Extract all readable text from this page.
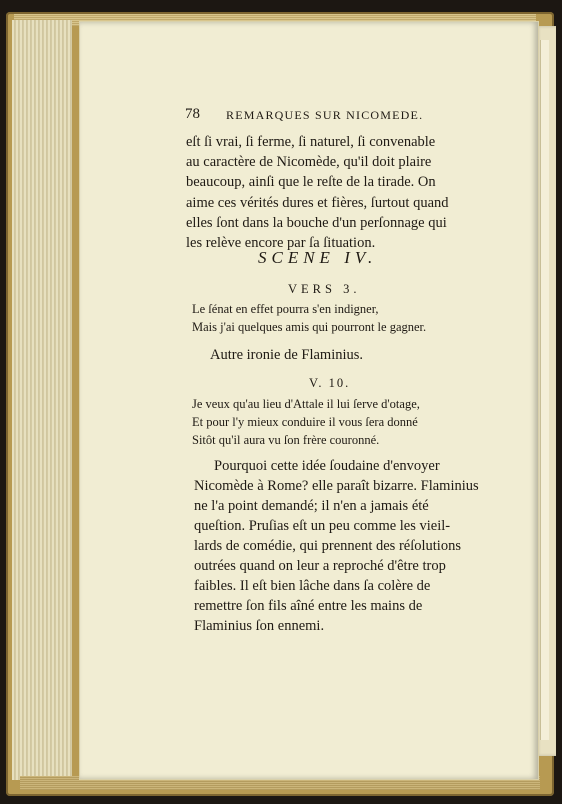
78 REMARQUES SUR NICOMEDE.
eſt ſi vrai, ſi ferme, ſi naturel, ſi convenable
au caractère de Nicomède, qu'il doit plaire
beaucoup, ainſi que le reſte de la tirade. On
aime ces vérités dures et fières, ſurtout quand
elles ſont dans la bouche d'un perſonnage qui
les relève encore par ſa ſituation.
SCENE IV.
VERS 3.
Le ſénat en effet pourra s'en indigner,
Mais j'ai quelques amis qui pourront le gagner.
Autre ironie de Flaminius.
V. 10.
Je veux qu'au lieu d'Attale il lui ſerve d'otage,
Et pour l'y mieux conduire il vous ſera donné
Sitôt qu'il aura vu ſon frère couronné.
Pourquoi cette idée ſoudaine d'envoyer
Nicomède à Rome? elle paraît bizarre. Flaminius
ne l'a point demandé; il n'en a jamais été
queſtion. Pruſias eſt un peu comme les vieil-
lards de comédie, qui prennent des réſolutions
outrées quand on leur a reproché d'être trop
faibles. Il eſt bien lâche dans ſa colère de
remettre ſon fils aîné entre les mains de
Flaminius ſon ennemi.
